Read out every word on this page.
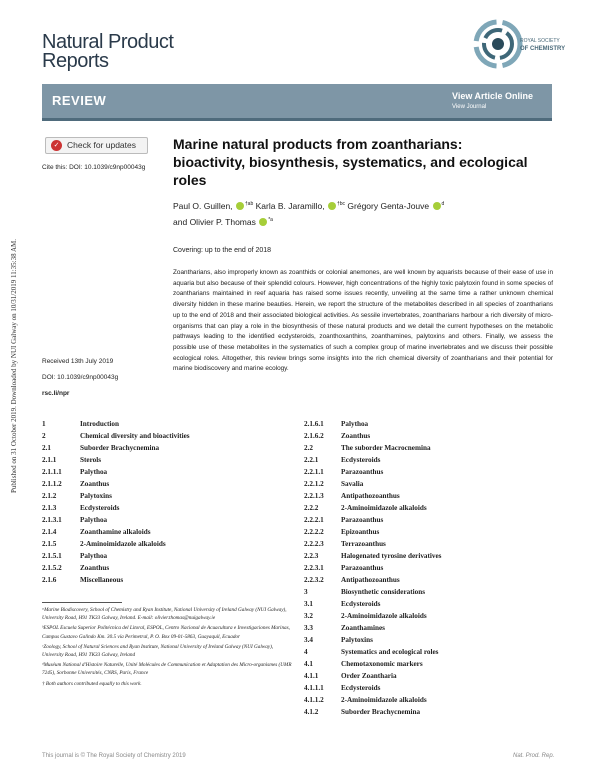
Published on 31 October 2019. Downloaded by NUI Galway on 10/31/2019 11:35:38 AM.
Natural Product
Reports
ROYAL SOCIETY
OF CHEMISTRY
REVIEW	View Article Online
View Journal
✓ Check for updates
Cite this: DOI: 10.1039/c9np00043g
Marine natural products from zoantharians: bioactivity, biosynthesis, systematics, and ecological roles
Paul O. Guillen, $^{\dagger ab}$ Karla B. Jaramillo, $^{\dagger bc}$ Grégory Genta-Jouve $^d$
and Olivier P. Thomas $^{*a}$
Covering: up to the end of 2018
Zoantharians, also improperly known as zoanthids or colonial anemones, are well known by aquarists because of their ease of use in aquaria but also because of their splendid colours. However, high concentrations of the highly toxic palytoxin found in some species of zoantharians maintained in reef aquaria has raised some issues recently, unveiling at the same time a rather unknown chemical diversity hidden in these marine beauties. Herein, we report the structure of the metabolites described in all species of zoantharians up to the end of 2018 and their associated biological activities. As sessile invertebrates, zoantharians harbour a rich diversity of micro-organisms that can play a role in the biosynthesis of these natural products and we detail the current hypotheses on the metabolic pathways leading to the identified ecdysteroids, zoanthoxanthins, zoanthamines, palytoxins and others. Finally, we assess the possible use of these metabolites in the systematics of such a complex group of marine invertebrates and we discuss their possible ecological roles. Altogether, this review brings some insights into the rich chemical diversity of zoantharians and their potential for marine biodiscovery and marine ecology.
Received 13th July 2019
DOI: 10.1039/c9np00043g
rsc.li/npr
1	Introduction
2	Chemical diversity and bioactivities
2.1	Suborder Brachycnemina
2.1.1	Sterols
2.1.1.1	Palythoa
2.1.1.2	Zoanthus
2.1.2	Palytoxins
2.1.3	Ecdysteroids
2.1.3.1	Palythoa
2.1.4	Zoanthamine alkaloids
2.1.5	2-Aminoimidazole alkaloids
2.1.5.1	Palythoa
2.1.5.2	Zoanthus
2.1.6	Miscellaneous
2.1.6.1 Palythoa
2.1.6.2 Zoanthus
2.2	The suborder Macrocnemina
2.2.1	Ecdysteroids
2.2.1.1 Parazoanthus
2.2.1.2 Savalia
2.2.1.3 Antipathozoanthus
2.2.2	2-Aminoimidazole alkaloids
2.2.2.1 Parazoanthus
2.2.2.2 Epizoanthus
2.2.2.3 Terrazoanthus
2.2.3	Halogenated tyrosine derivatives
2.2.3.1 Parazoanthus
2.2.3.2 Antipathozoanthus
3	Biosynthetic considerations
3.1	Ecdysteroids
3.2	2-Aminoimidazole alkaloids
3.3	Zoanthamines
3.4	Palytoxins
4	Systematics and ecological roles
4.1	Chemotaxonomic markers
4.1.1	Order Zoantharia
4.1.1.1 Ecdysteroids
4.1.1.2 2-Aminoimidazole alkaloids
4.1.2	Suborder Brachycnemina

ᵃMarine Biodiscovery, School of Chemistry and Ryan Institute, National University of Ireland Galway (NUI Galway), University Road, H91 TK33 Galway, Ireland. E-mail: olivier.thomas@nuigalway.ie

ᵇESPOL Escuela Superior Politécnica del Litoral, ESPOL, Centro Nacional de Acuacultura e Investigaciones Marinas, Campus Gustavo Galindo Km. 30.5 vía Perimetral, P. O. Box 09-01-5863, Guayaquil, Ecuador

ᶜZoology, School of Natural Sciences and Ryan Institute, National University of Ireland Galway (NUI Galway), University Road, H91 TK33 Galway, Ireland

ᵈMuséum National d'Histoire Naturelle, Unité Molécules de Communication et Adaptation des Micro-organismes (UMR 7245), Sorbonne Universités, CNRS, Paris, France

† Both authors contributed equally to this work.

This journal is © The Royal Society of Chemistry 2019	Nat. Prod. Rep.
